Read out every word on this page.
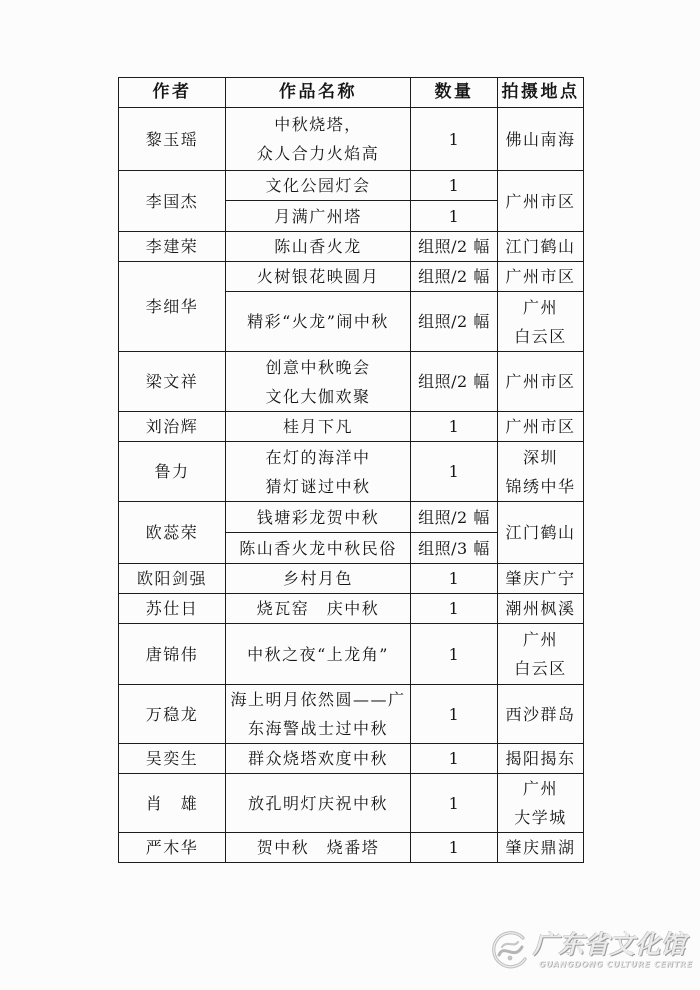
作者	作品名称	数量	拍摄地点
黎玉瑶	中秋烧塔，
众人合力火焰高	1	佛山南海

李国杰	文化公园灯会	1	广州市区

	月满广州塔	1	
李建荣	陈山香火龙	组照/2 幅	江门鹤山

李细华	火树银花映圆月	组照/2 幅	广州市区

	精彩“火龙”闹中秋	组照/2 幅	广州
白云区

梁文祥	创意中秋晚会
文化大伽欢聚	组照/2 幅	广州市区

刘治辉	桂月下凡	1	广州市区

鲁力	在灯的海洋中
猜灯谜过中秋	1	深圳
锦绣中华

欧蕊荣	钱塘彩龙贺中秋	组照/2 幅	江门鹤山

	陈山香火龙中秋民俗	组照/3 幅	
欧阳剑强	乡村月色	1	肇庆广宁

苏仕日	烧瓦窑　庆中秋	1	潮州枫溪

唐锦伟	中秋之夜“上龙角”	1	广州
白云区

万稳龙	海上明月依然圆——广
东海警战士过中秋	1	西沙群岛

吴奕生	群众烧塔欢度中秋	1	揭阳揭东

肖　雄	放孔明灯庆祝中秋	1	广州
大学城

严木华	贺中秋　烧番塔	1	肇庆鼎湖
广东省文化馆
GUANGDONG CULTURE CENTRE
